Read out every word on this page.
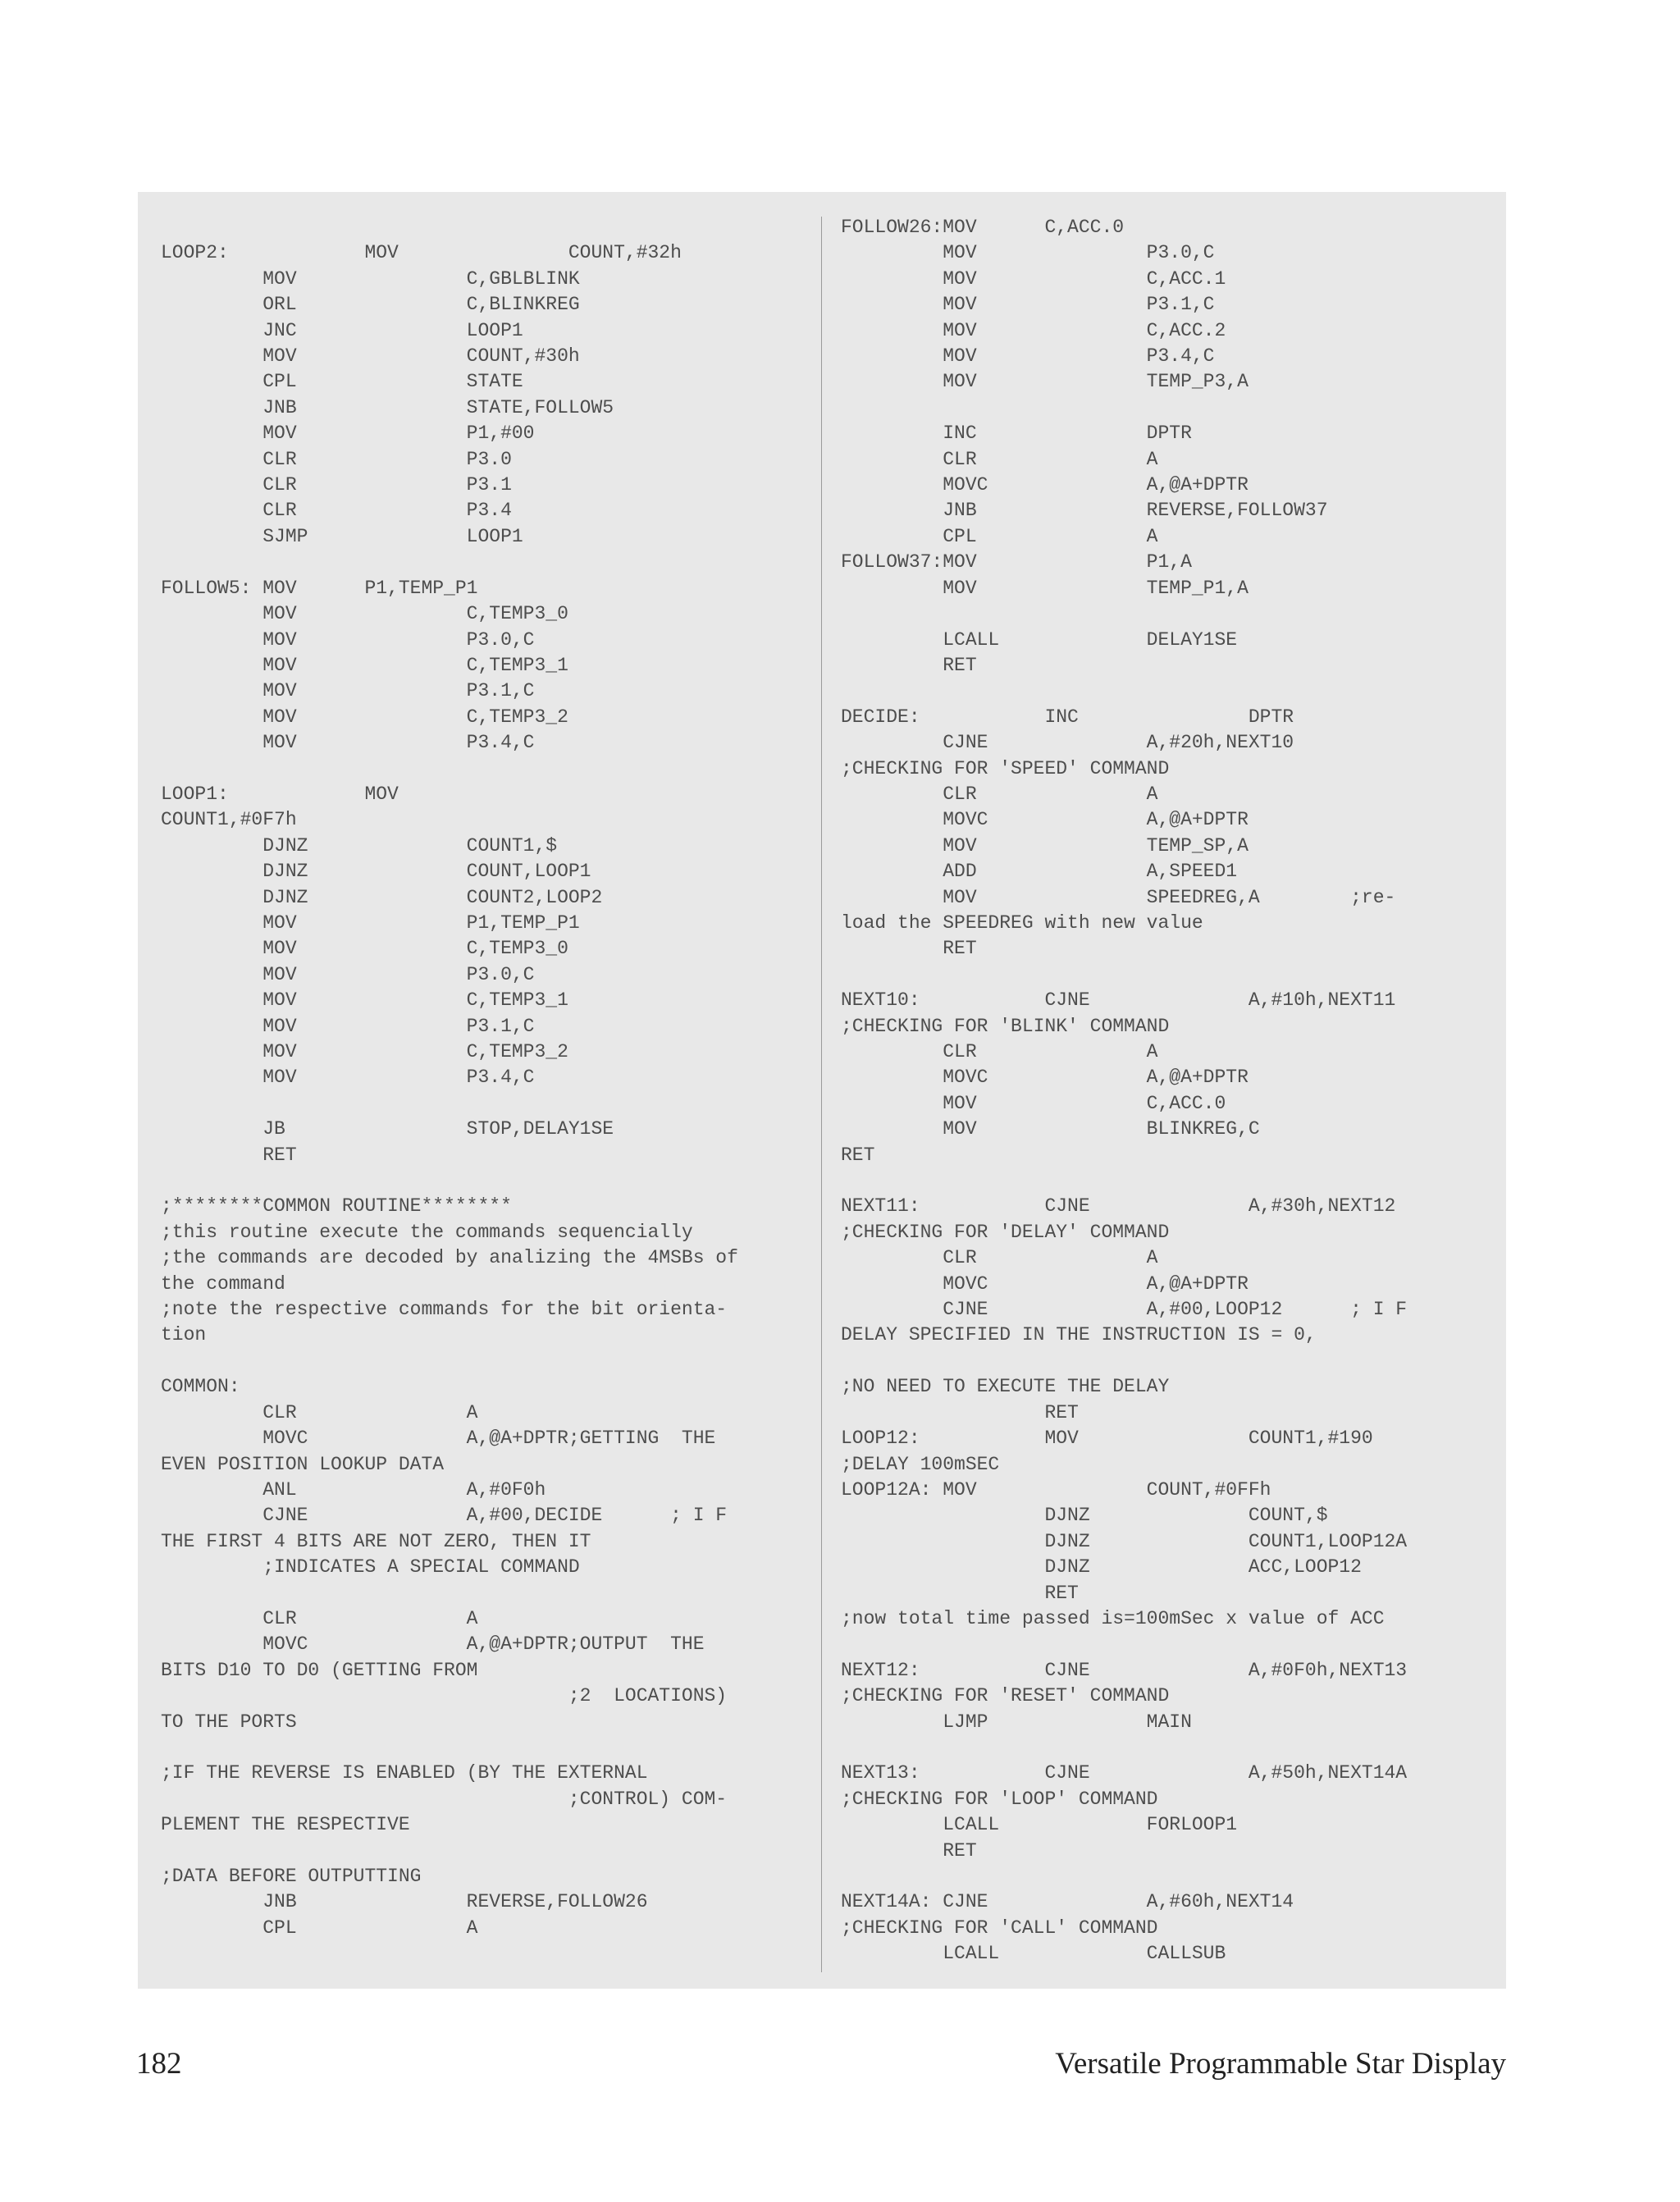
LOOP2:            MOV               COUNT,#32h
MOV               C,GBLBLINK
ORL               C,BLINKREG
JNC               LOOP1
MOV               COUNT,#30h
CPL               STATE
JNB               STATE,FOLLOW5
MOV               P1,#00
CLR               P3.0
CLR               P3.1
CLR               P3.4
SJMP              LOOP1

FOLLOW5: MOV      P1,TEMP_P1
MOV               C,TEMP3_0
MOV               P3.0,C
MOV               C,TEMP3_1
MOV               P3.1,C
MOV               C,TEMP3_2
MOV               P3.4,C

LOOP1:            MOV
COUNT1,#0F7h
DJNZ              COUNT1,$
DJNZ              COUNT,LOOP1
DJNZ              COUNT2,LOOP2
MOV               P1,TEMP_P1
MOV               C,TEMP3_0
MOV               P3.0,C
MOV               C,TEMP3_1
MOV               P3.1,C
MOV               C,TEMP3_2
MOV               P3.4,C

JB                STOP,DELAY1SE
RET

;********COMMON ROUTINE********
;this routine execute the commands sequencially
;the commands are decoded by analizing the 4MSBs of
the command
;note the respective commands for the bit orienta-
tion

COMMON:
CLR               A
MOVC              A,@A+DPTR;GETTING  THE
EVEN POSITION LOOKUP DATA
ANL               A,#0F0h
CJNE              A,#00,DECIDE      ; I F
THE FIRST 4 BITS ARE NOT ZERO, THEN IT
;INDICATES A SPECIAL COMMAND

CLR               A
MOVC              A,@A+DPTR;OUTPUT  THE
BITS D10 TO D0 (GETTING FROM
;2  LOCATIONS)
TO THE PORTS

;IF THE REVERSE IS ENABLED (BY THE EXTERNAL
;CONTROL) COM-
PLEMENT THE RESPECTIVE

;DATA BEFORE OUTPUTTING
JNB               REVERSE,FOLLOW26
CPL               A
FOLLOW26:MOV      C,ACC.0
MOV               P3.0,C
MOV               C,ACC.1
MOV               P3.1,C
MOV               C,ACC.2
MOV               P3.4,C
MOV               TEMP_P3,A

INC               DPTR
CLR               A
MOVC              A,@A+DPTR
JNB               REVERSE,FOLLOW37
CPL               A
FOLLOW37:MOV               P1,A
MOV               TEMP_P1,A

LCALL             DELAY1SE
RET

DECIDE:           INC               DPTR
CJNE              A,#20h,NEXT10
;CHECKING FOR 'SPEED' COMMAND
CLR               A
MOVC              A,@A+DPTR
MOV               TEMP_SP,A
ADD               A,SPEED1
MOV               SPEEDREG,A        ;re-
load the SPEEDREG with new value
RET

NEXT10:           CJNE              A,#10h,NEXT11
;CHECKING FOR 'BLINK' COMMAND
CLR               A
MOVC              A,@A+DPTR
MOV               C,ACC.0
MOV               BLINKREG,C
RET

NEXT11:           CJNE              A,#30h,NEXT12
;CHECKING FOR 'DELAY' COMMAND
CLR               A
MOVC              A,@A+DPTR
CJNE              A,#00,LOOP12      ; I F
DELAY SPECIFIED IN THE INSTRUCTION IS = 0,

;NO NEED TO EXECUTE THE DELAY
RET
LOOP12:           MOV               COUNT1,#190
;DELAY 100mSEC
LOOP12A: MOV               COUNT,#0FFh
DJNZ              COUNT,$
DJNZ              COUNT1,LOOP12A
DJNZ              ACC,LOOP12
RET
;now total time passed is=100mSec x value of ACC

NEXT12:           CJNE              A,#0F0h,NEXT13
;CHECKING FOR 'RESET' COMMAND
LJMP              MAIN

NEXT13:           CJNE              A,#50h,NEXT14A
;CHECKING FOR 'LOOP' COMMAND
LCALL             FORLOOP1
RET

NEXT14A: CJNE              A,#60h,NEXT14
;CHECKING FOR 'CALL' COMMAND
LCALL             CALLSUB
182	Versatile Programmable Star Display
